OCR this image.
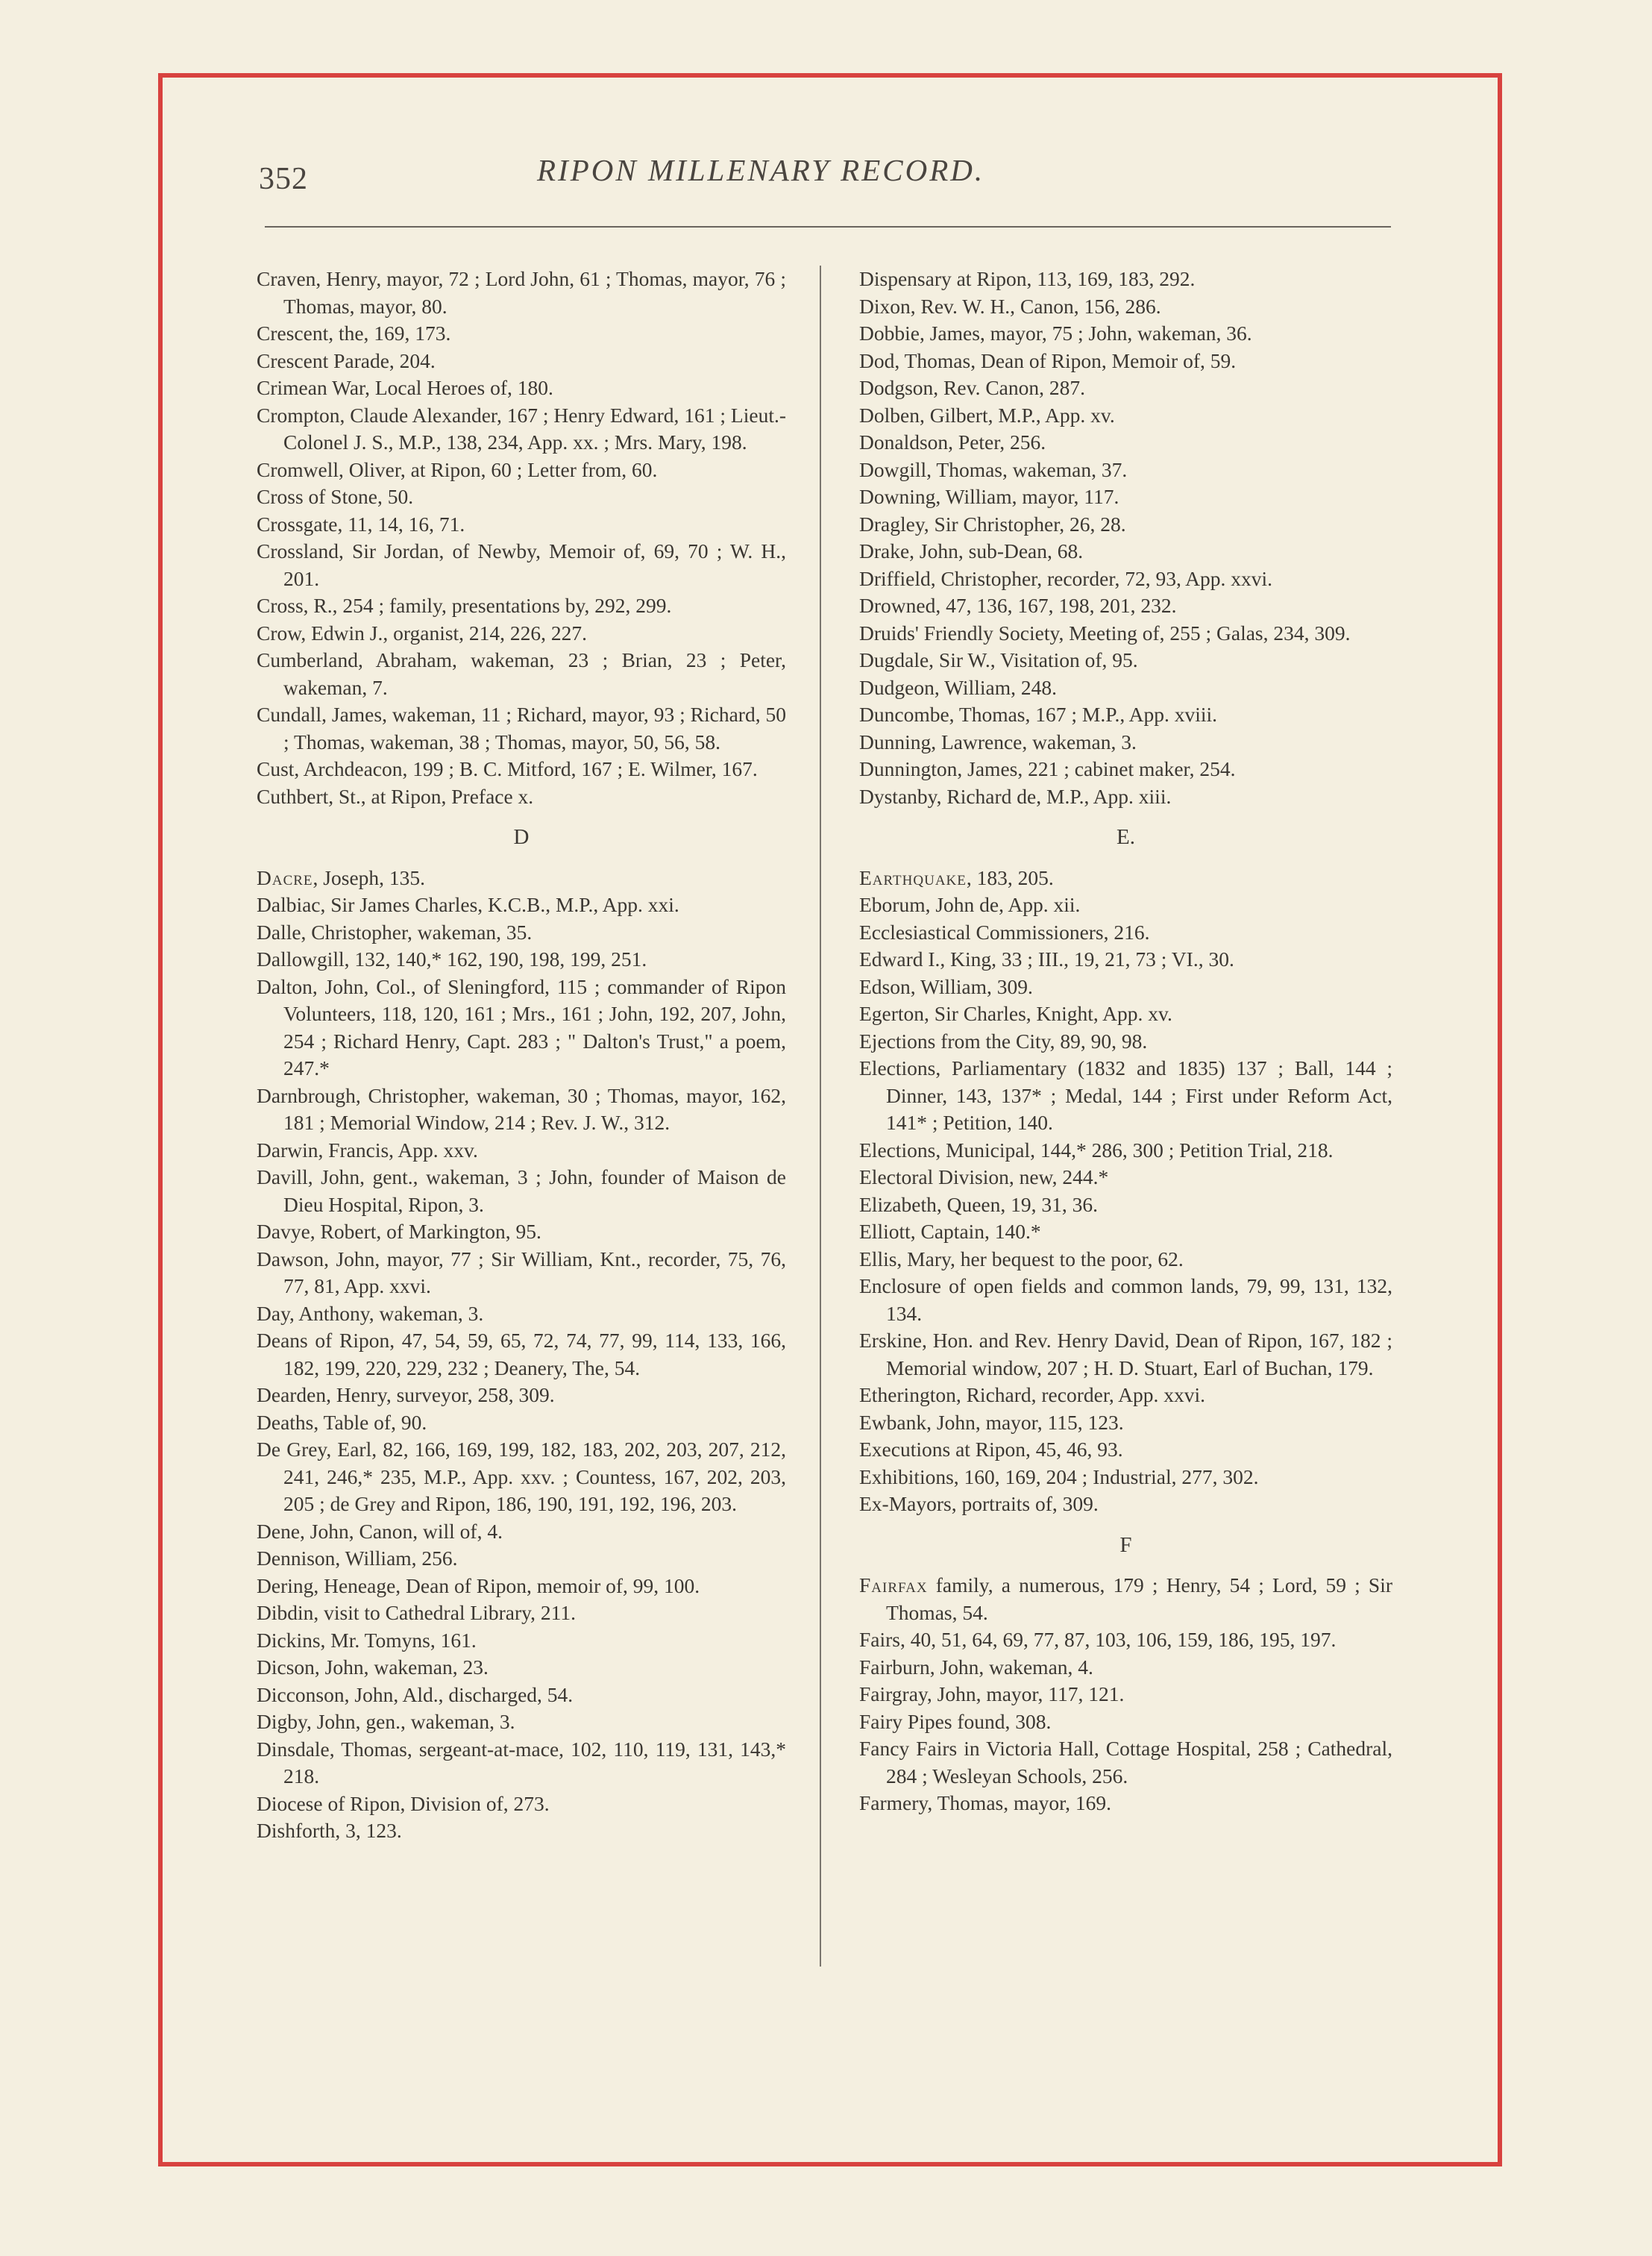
352	RIPON MILLENARY RECORD.
Craven, Henry, mayor, 72 ; Lord John, 61 ; Thomas, mayor, 76 ; Thomas, mayor, 80.
Crescent, the, 169, 173.
Crescent Parade, 204.
Crimean War, Local Heroes of, 180.
Crompton, Claude Alexander, 167 ; Henry Edward, 161 ; Lieut.-Colonel J. S., M.P., 138, 234, App. xx. ; Mrs. Mary, 198.
Cromwell, Oliver, at Ripon, 60 ; Letter from, 60.
Cross of Stone, 50.
Crossgate, 11, 14, 16, 71.
Crossland, Sir Jordan, of Newby, Memoir of, 69, 70 ; W. H., 201.
Cross, R., 254 ; family, presentations by, 292, 299.
Crow, Edwin J., organist, 214, 226, 227.
Cumberland, Abraham, wakeman, 23 ; Brian, 23 ; Peter, wakeman, 7.
Cundall, James, wakeman, 11 ; Richard, mayor, 93 ; Richard, 50 ; Thomas, wakeman, 38 ; Thomas, mayor, 50, 56, 58.
Cust, Archdeacon, 199 ; B. C. Mitford, 167 ; E. Wilmer, 167.
Cuthbert, St., at Ripon, Preface x.
D
Dacre, Joseph, 135.
Dalbiac, Sir James Charles, K.C.B., M.P., App. xxi.
Dalle, Christopher, wakeman, 35.
Dallowgill, 132, 140,* 162, 190, 198, 199, 251.
Dalton, John, Col., of Sleningford, 115 ; commander of Ripon Volunteers, 118, 120, 161 ; Mrs., 161 ; John, 192, 207, John, 254 ; Richard Henry, Capt. 283 ; " Dalton's Trust," a poem, 247.*
Darnbrough, Christopher, wakeman, 30 ; Thomas, mayor, 162, 181 ; Memorial Window, 214 ; Rev. J. W., 312.
Darwin, Francis, App. xxv.
Davill, John, gent., wakeman, 3 ; John, founder of Maison de Dieu Hospital, Ripon, 3.
Davye, Robert, of Markington, 95.
Dawson, John, mayor, 77 ; Sir William, Knt., recorder, 75, 76, 77, 81, App. xxvi.
Day, Anthony, wakeman, 3.
Deans of Ripon, 47, 54, 59, 65, 72, 74, 77, 99, 114, 133, 166, 182, 199, 220, 229, 232 ; Deanery, The, 54.
Dearden, Henry, surveyor, 258, 309.
Deaths, Table of, 90.
De Grey, Earl, 82, 166, 169, 199, 182, 183, 202, 203, 207, 212, 241, 246,* 235, M.P., App. xxv. ; Countess, 167, 202, 203, 205 ; de Grey and Ripon, 186, 190, 191, 192, 196, 203.
Dene, John, Canon, will of, 4.
Dennison, William, 256.
Dering, Heneage, Dean of Ripon, memoir of, 99, 100.
Dibdin, visit to Cathedral Library, 211.
Dickins, Mr. Tomyns, 161.
Dicson, John, wakeman, 23.
Dicconson, John, Ald., discharged, 54.
Digby, John, gen., wakeman, 3.
Dinsdale, Thomas, sergeant-at-mace, 102, 110, 119, 131, 143,* 218.
Diocese of Ripon, Division of, 273.
Dishforth, 3, 123.
Dispensary at Ripon, 113, 169, 183, 292.
Dixon, Rev. W. H., Canon, 156, 286.
Dobbie, James, mayor, 75 ; John, wakeman, 36.
Dod, Thomas, Dean of Ripon, Memoir of, 59.
Dodgson, Rev. Canon, 287.
Dolben, Gilbert, M.P., App. xv.
Donaldson, Peter, 256.
Dowgill, Thomas, wakeman, 37.
Downing, William, mayor, 117.
Dragley, Sir Christopher, 26, 28.
Drake, John, sub-Dean, 68.
Driffield, Christopher, recorder, 72, 93, App. xxvi.
Drowned, 47, 136, 167, 198, 201, 232.
Druids' Friendly Society, Meeting of, 255 ; Galas, 234, 309.
Dugdale, Sir W., Visitation of, 95.
Dudgeon, William, 248.
Duncombe, Thomas, 167 ; M.P., App. xviii.
Dunning, Lawrence, wakeman, 3.
Dunnington, James, 221 ; cabinet maker, 254.
Dystanby, Richard de, M.P., App. xiii.
E.
Earthquake, 183, 205.
Eborum, John de, App. xii.
Ecclesiastical Commissioners, 216.
Edward I., King, 33 ; III., 19, 21, 73 ; VI., 30.
Edson, William, 309.
Egerton, Sir Charles, Knight, App. xv.
Ejections from the City, 89, 90, 98.
Elections, Parliamentary (1832 and 1835) 137 ; Ball, 144 ; Dinner, 143, 137* ; Medal, 144 ; First under Reform Act, 141* ; Petition, 140.
Elections, Municipal, 144,* 286, 300 ; Petition Trial, 218.
Electoral Division, new, 244.*
Elizabeth, Queen, 19, 31, 36.
Elliott, Captain, 140.*
Ellis, Mary, her bequest to the poor, 62.
Enclosure of open fields and common lands, 79, 99, 131, 132, 134.
Erskine, Hon. and Rev. Henry David, Dean of Ripon, 167, 182 ; Memorial window, 207 ; H. D. Stuart, Earl of Buchan, 179.
Etherington, Richard, recorder, App. xxvi.
Ewbank, John, mayor, 115, 123.
Executions at Ripon, 45, 46, 93.
Exhibitions, 160, 169, 204 ; Industrial, 277, 302.
Ex-Mayors, portraits of, 309.
F
Fairfax family, a numerous, 179 ; Henry, 54 ; Lord, 59 ; Sir Thomas, 54.
Fairs, 40, 51, 64, 69, 77, 87, 103, 106, 159, 186, 195, 197.
Fairburn, John, wakeman, 4.
Fairgray, John, mayor, 117, 121.
Fairy Pipes found, 308.
Fancy Fairs in Victoria Hall, Cottage Hospital, 258 ; Cathedral, 284 ; Wesleyan Schools, 256.
Farmery, Thomas, mayor, 169.
